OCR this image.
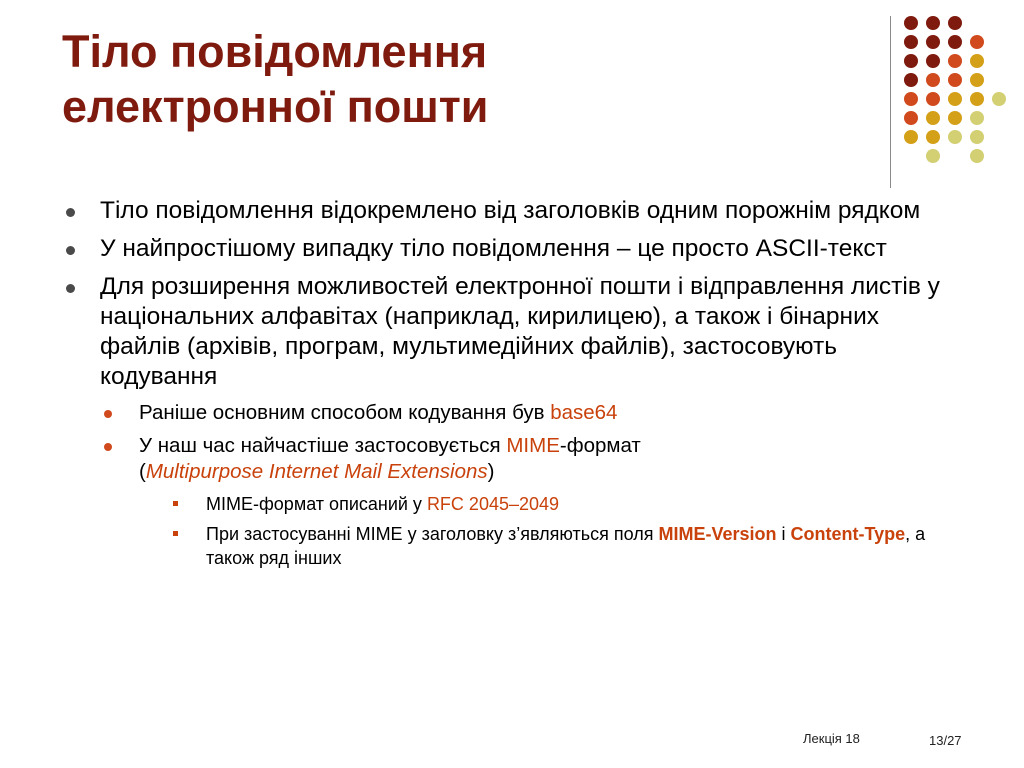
Тіло повідомлення
електронної пошти
Тіло повідомлення відокремлено від заголовків одним порожнім рядком
У найпростішому випадку тіло повідомлення – це просто ASCII-текст
Для розширення можливостей електронної пошти і відправлення листів у національних алфавітах (наприклад, кирилицею), а також і бінарних файлів (архівів, програм, мультимедійних файлів), застосовують кодування
Раніше основним способом кодування був base64
У наш час найчастіше застосовується MIME-формат
(Multipurpose Internet Mail Extensions)
MIME-формат описаний у RFC 2045–2049
При застосуванні MIME у заголовку з’являються поля MIME-Version і Content-Type, а також ряд інших
Лекція 18	13/27
